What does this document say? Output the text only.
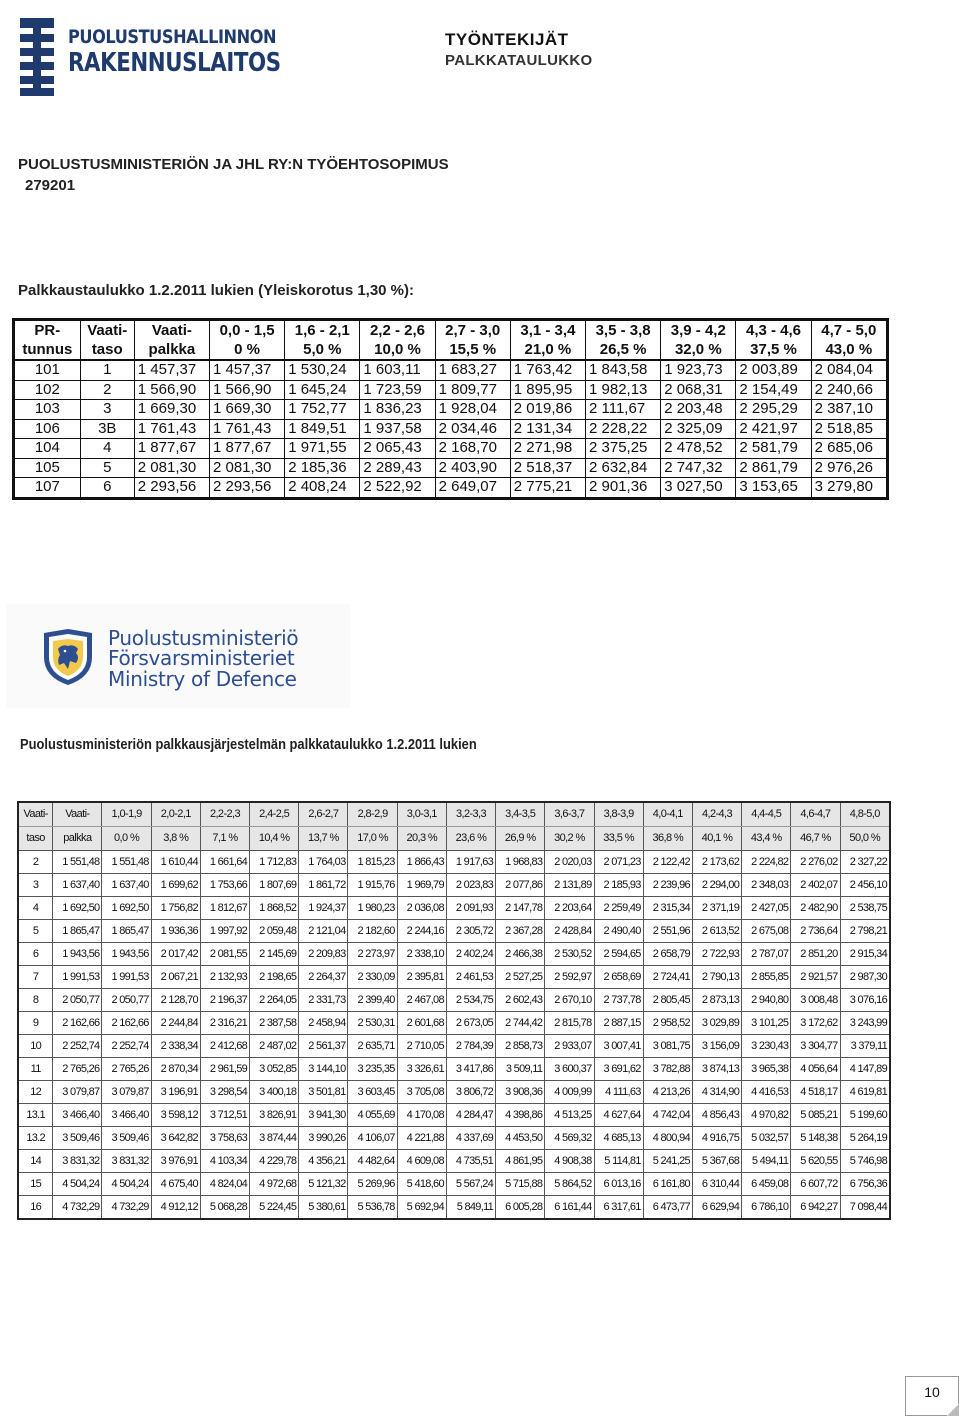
PUOLUSTUSHALLINNON
RAKENNUSLAITOS
TYÖNTEKIJÄT
PALKKATAULUKKO
PUOLUSTUSMINISTERIÖN JA JHL RY:N TYÖEHTOSOPIMUS
279201
Palkkaustaulukko 1.2.2011 lukien (Yleiskorotus 1,30 %):
PR-	Vaati-	Vaati-	0,0 - 1,5	1,6 - 2,1	2,2 - 2,6	2,7 - 3,0	3,1 - 3,4	3,5 - 3,8	3,9 - 4,2	4,3 - 4,6	4,7 - 5,0
tunnus	taso	palkka	0 %	5,0 %	10,0 %	15,5 %	21,0 %	26,5 %	32,0 %	37,5 %	43,0 %
101	1	1 457,37	1 457,37	1 530,24	1 603,11	1 683,27	1 763,42	1 843,58	1 923,73	2 003,89	2 084,04
102	2	1 566,90	1 566,90	1 645,24	1 723,59	1 809,77	1 895,95	1 982,13	2 068,31	2 154,49	2 240,66
103	3	1 669,30	1 669,30	1 752,77	1 836,23	1 928,04	2 019,86	2 111,67	2 203,48	2 295,29	2 387,10
106	3B	1 761,43	1 761,43	1 849,51	1 937,58	2 034,46	2 131,34	2 228,22	2 325,09	2 421,97	2 518,85
104	4	1 877,67	1 877,67	1 971,55	2 065,43	2 168,70	2 271,98	2 375,25	2 478,52	2 581,79	2 685,06
105	5	2 081,30	2 081,30	2 185,36	2 289,43	2 403,90	2 518,37	2 632,84	2 747,32	2 861,79	2 976,26
107	6	2 293,56	2 293,56	2 408,24	2 522,92	2 649,07	2 775,21	2 901,36	3 027,50	3 153,65	3 279,80
Puolustusministeriö
Försvarsministeriet
Ministry of Defence
Puolustusministeriön palkkausjärjestelmän palkkataulukko 1.2.2011 lukien
Vaati-	Vaati-	1,0-1,9	2,0-2,1	2,2-2,3	2,4-2,5	2,6-2,7	2,8-2,9	3,0-3,1	3,2-3,3	3,4-3,5	3,6-3,7	3,8-3,9	4,0-4,1	4,2-4,3	4,4-4,5	4,6-4,7	4,8-5,0
taso	palkka	0,0 %	3,8 %	7,1 %	10,4 %	13,7 %	17,0 %	20,3 %	23,6 %	26,9 %	30,2 %	33,5 %	36,8 %	40,1 %	43,4 %	46,7 %	50,0 %
2	1 551,48	1 551,48	1 610,44	1 661,64	1 712,83	1 764,03	1 815,23	1 866,43	1 917,63	1 968,83	2 020,03	2 071,23	2 122,42	2 173,62	2 224,82	2 276,02	2 327,22
3	1 637,40	1 637,40	1 699,62	1 753,66	1 807,69	1 861,72	1 915,76	1 969,79	2 023,83	2 077,86	2 131,89	2 185,93	2 239,96	2 294,00	2 348,03	2 402,07	2 456,10
4	1 692,50	1 692,50	1 756,82	1 812,67	1 868,52	1 924,37	1 980,23	2 036,08	2 091,93	2 147,78	2 203,64	2 259,49	2 315,34	2 371,19	2 427,05	2 482,90	2 538,75
5	1 865,47	1 865,47	1 936,36	1 997,92	2 059,48	2 121,04	2 182,60	2 244,16	2 305,72	2 367,28	2 428,84	2 490,40	2 551,96	2 613,52	2 675,08	2 736,64	2 798,21
6	1 943,56	1 943,56	2 017,42	2 081,55	2 145,69	2 209,83	2 273,97	2 338,10	2 402,24	2 466,38	2 530,52	2 594,65	2 658,79	2 722,93	2 787,07	2 851,20	2 915,34
7	1 991,53	1 991,53	2 067,21	2 132,93	2 198,65	2 264,37	2 330,09	2 395,81	2 461,53	2 527,25	2 592,97	2 658,69	2 724,41	2 790,13	2 855,85	2 921,57	2 987,30
8	2 050,77	2 050,77	2 128,70	2 196,37	2 264,05	2 331,73	2 399,40	2 467,08	2 534,75	2 602,43	2 670,10	2 737,78	2 805,45	2 873,13	2 940,80	3 008,48	3 076,16
9	2 162,66	2 162,66	2 244,84	2 316,21	2 387,58	2 458,94	2 530,31	2 601,68	2 673,05	2 744,42	2 815,78	2 887,15	2 958,52	3 029,89	3 101,25	3 172,62	3 243,99
10	2 252,74	2 252,74	2 338,34	2 412,68	2 487,02	2 561,37	2 635,71	2 710,05	2 784,39	2 858,73	2 933,07	3 007,41	3 081,75	3 156,09	3 230,43	3 304,77	3 379,11
11	2 765,26	2 765,26	2 870,34	2 961,59	3 052,85	3 144,10	3 235,35	3 326,61	3 417,86	3 509,11	3 600,37	3 691,62	3 782,88	3 874,13	3 965,38	4 056,64	4 147,89
12	3 079,87	3 079,87	3 196,91	3 298,54	3 400,18	3 501,81	3 603,45	3 705,08	3 806,72	3 908,36	4 009,99	4 111,63	4 213,26	4 314,90	4 416,53	4 518,17	4 619,81
13.1	3 466,40	3 466,40	3 598,12	3 712,51	3 826,91	3 941,30	4 055,69	4 170,08	4 284,47	4 398,86	4 513,25	4 627,64	4 742,04	4 856,43	4 970,82	5 085,21	5 199,60
13.2	3 509,46	3 509,46	3 642,82	3 758,63	3 874,44	3 990,26	4 106,07	4 221,88	4 337,69	4 453,50	4 569,32	4 685,13	4 800,94	4 916,75	5 032,57	5 148,38	5 264,19
14	3 831,32	3 831,32	3 976,91	4 103,34	4 229,78	4 356,21	4 482,64	4 609,08	4 735,51	4 861,95	4 908,38	5 114,81	5 241,25	5 367,68	5 494,11	5 620,55	5 746,98
15	4 504,24	4 504,24	4 675,40	4 824,04	4 972,68	5 121,32	5 269,96	5 418,60	5 567,24	5 715,88	5 864,52	6 013,16	6 161,80	6 310,44	6 459,08	6 607,72	6 756,36
16	4 732,29	4 732,29	4 912,12	5 068,28	5 224,45	5 380,61	5 536,78	5 692,94	5 849,11	6 005,28	6 161,44	6 317,61	6 473,77	6 629,94	6 786,10	6 942,27	7 098,44
10
